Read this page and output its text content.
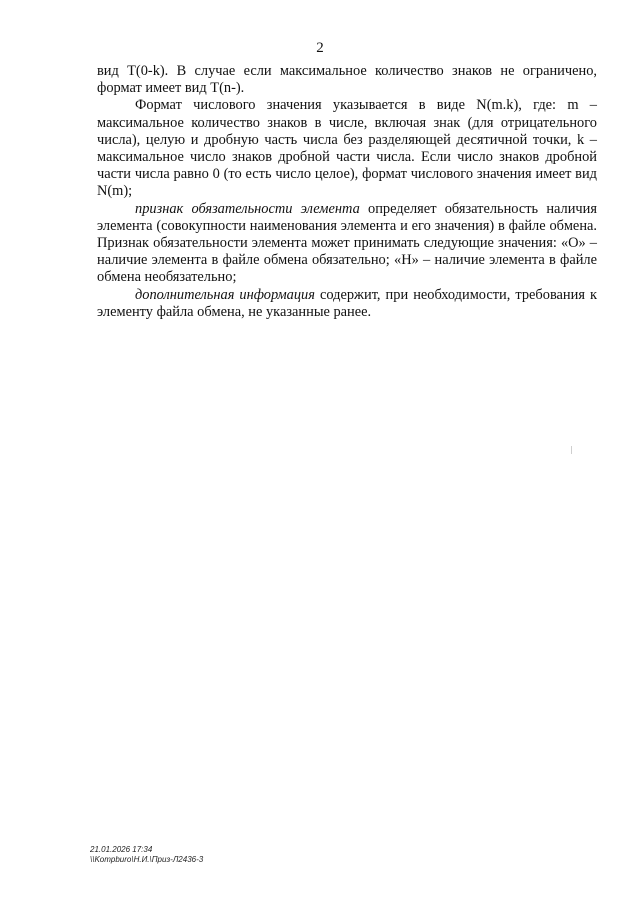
2

вид T(0-k). В случае если максимальное количество знаков не ограничено, формат имеет вид T(n-).

Формат числового значения указывается в виде N(m.k), где: m – максимальное количество знаков в числе, включая знак (для отрицательного числа), целую и дробную часть числа без разделяющей десятичной точки, k – максимальное число знаков дробной части числа. Если число знаков дробной части числа равно 0 (то есть число целое), формат числового значения имеет вид N(m);

признак обязательности элемента определяет обязательность наличия элемента (совокупности наименования элемента и его значения) в файле обмена. Признак обязательности элемента может принимать следующие значения: «О» – наличие элемента в файле обмена обязательно; «Н» – наличие элемента в файле обмена необязательно;

дополнительная информация содержит, при необходимости, требования к элементу файла обмена, не указанные ранее.

21.01.2026 17:34
\\Kompburo\Н.И.\Приз-Л2436-3
